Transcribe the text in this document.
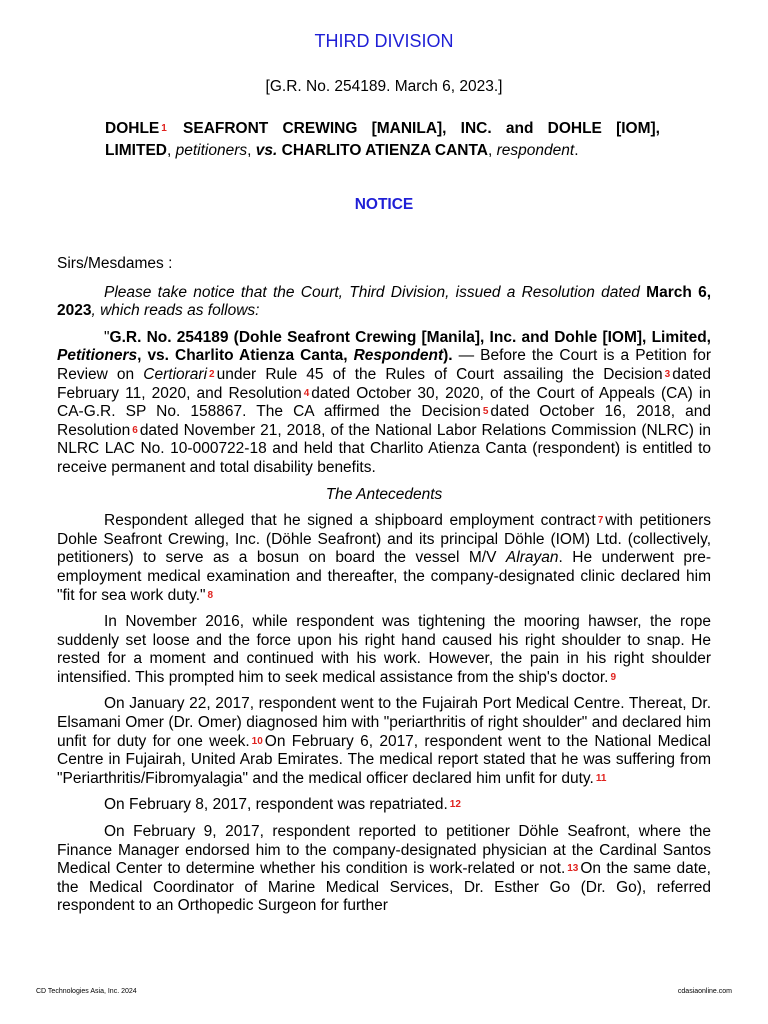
THIRD DIVISION
[G.R. No. 254189. March 6, 2023.]
DOHLE 1 SEAFRONT CREWING [MANILA], INC. and DOHLE [IOM], LIMITED, petitioners, vs. CHARLITO ATIENZA CANTA, respondent.
NOTICE

Sirs/Mesdames :

Please take notice that the Court, Third Division, issued a Resolution dated March 6, 2023, which reads as follows:

"G.R. No. 254189 (Dohle Seafront Crewing [Manila], Inc. and Dohle [IOM], Limited, Petitioners, vs. Charlito Atienza Canta, Respondent). — Before the Court is a Petition for Review on Certiorari 2 under Rule 45 of the Rules of Court assailing the Decision 3 dated February 11, 2020, and Resolution 4 dated October 30, 2020, of the Court of Appeals (CA) in CA-G.R. SP No. 158867. The CA affirmed the Decision 5 dated October 16, 2018, and Resolution 6 dated November 21, 2018, of the National Labor Relations Commission (NLRC) in NLRC LAC No. 10-000722-18 and held that Charlito Atienza Canta (respondent) is entitled to receive permanent and total disability benefits.

The Antecedents

Respondent alleged that he signed a shipboard employment contract 7 with petitioners Dohle Seafront Crewing, Inc. (Döhle Seafront) and its principal Döhle (IOM) Ltd. (collectively, petitioners) to serve as a bosun on board the vessel M/V Alrayan. He underwent pre-employment medical examination and thereafter, the company-designated clinic declared him "fit for sea work duty." 8

In November 2016, while respondent was tightening the mooring hawser, the rope suddenly set loose and the force upon his right hand caused his right shoulder to snap. He rested for a moment and continued with his work. However, the pain in his right shoulder intensified. This prompted him to seek medical assistance from the ship's doctor. 9

On January 22, 2017, respondent went to the Fujairah Port Medical Centre. Thereat, Dr. Elsamani Omer (Dr. Omer) diagnosed him with "periarthritis of right shoulder" and declared him unfit for duty for one week. 10 On February 6, 2017, respondent went to the National Medical Centre in Fujairah, United Arab Emirates. The medical report stated that he was suffering from "Periarthritis/Fibromyalagia" and the medical officer declared him unfit for duty. 11

On February 8, 2017, respondent was repatriated. 12

On February 9, 2017, respondent reported to petitioner Döhle Seafront, where the Finance Manager endorsed him to the company-designated physician at the Cardinal Santos Medical Center to determine whether his condition is work-related or not. 13 On the same date, the Medical Coordinator of Marine Medical Services, Dr. Esther Go (Dr. Go), referred respondent to an Orthopedic Surgeon for further

CD Technologies Asia, Inc. 2024	cdasiaonline.com
